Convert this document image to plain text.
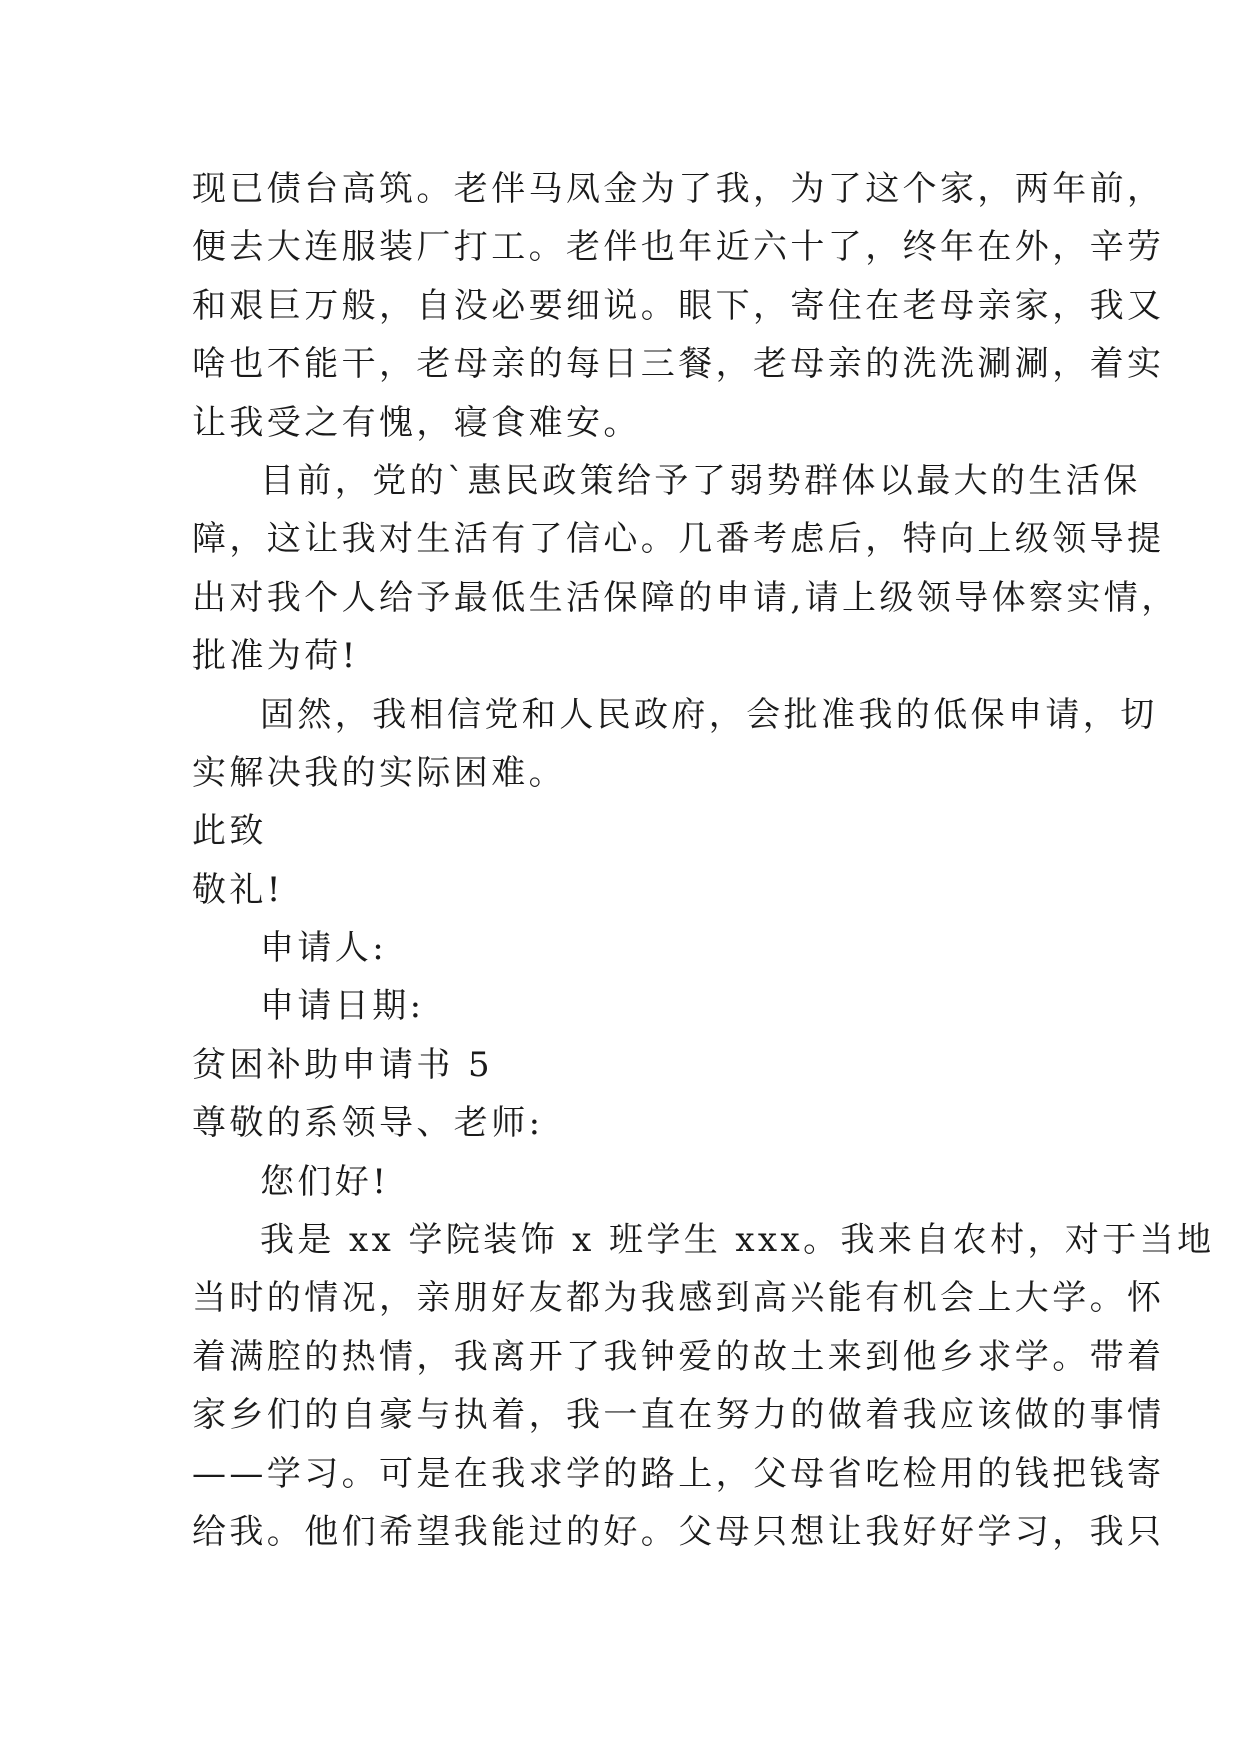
现已债台高筑。老伴马凤金为了我，为了这个家，两年前，
便去大连服装厂打工。老伴也年近六十了，终年在外，辛劳
和艰巨万般，自没必要细说。眼下，寄住在老母亲家，我又
啥也不能干，老母亲的每日三餐，老母亲的洗洗涮涮，着实
让我受之有愧，寝食难安。
目前，党的`惠民政策给予了弱势群体以最大的生活保
障，这让我对生活有了信心。几番考虑后，特向上级领导提
出对我个人给予最低生活保障的申请,请上级领导体察实情，
批准为荷!
固然，我相信党和人民政府，会批准我的低保申请，切
实解决我的实际困难。
此致
敬礼!
申请人:
申请日期:
贫困补助申请书 5
尊敬的系领导、老师:
您们好!
我是 xx 学院装饰 x 班学生 xxx。我来自农村，对于当地
当时的情况，亲朋好友都为我感到高兴能有机会上大学。怀
着满腔的热情，我离开了我钟爱的故土来到他乡求学。带着
家乡们的自豪与执着，我一直在努力的做着我应该做的事情
——学习。可是在我求学的路上，父母省吃检用的钱把钱寄
给我。他们希望我能过的好。父母只想让我好好学习，我只
